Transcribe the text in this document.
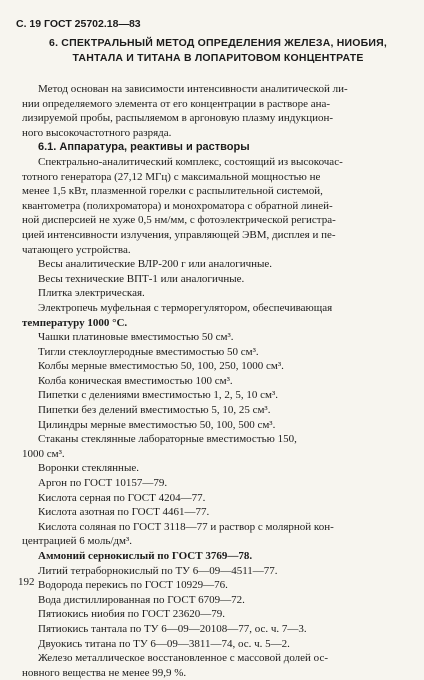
С. 19 ГОСТ 25702.18—83
6. СПЕКТРАЛЬНЫЙ МЕТОД ОПРЕДЕЛЕНИЯ ЖЕЛЕЗА, НИОБИЯ, ТАНТАЛА И ТИТАНА В ЛОПАРИТОВОМ КОНЦЕНТРАТЕ

Метод основан на зависимости интенсивности аналитической ли-

нии определяемого элемента от его концентрации в растворе ана-

лизируемой пробы, распыляемом в аргоновую плазму индукцион-

ного высокочастотного разряда.

6.1. Аппаратура, реактивы и растворы

Спектрально-аналитический комплекс, состоящий из высокочас-

тотного генератора (27,12 МГц) с максимальной мощностью не

менее 1,5 кВт, плазменной горелки с распылительной системой,

квантометра (полихроматора) и монохроматора с обратной линей-

ной дисперсией не хуже 0,5 нм/мм, с фотоэлектрической регистра-

цией интенсивности излучения, управляющей ЭВМ, дисплея и пе-

чатающего устройства.

Весы аналитические ВЛР-200 г или аналогичные.

Весы технические ВПТ-1 или аналогичные.

Плитка электрическая.

Электропечь муфельная с терморегулятором, обеспечивающая

температуру 1000 °С.

Чашки платиновые вместимостью 50 см³.

Тигли стеклоуглеродные вместимостью 50 см³.

Колбы мерные вместимостью 50, 100, 250, 1000 см³.

Колба коническая вместимостью 100 см³.

Пипетки с делениями вместимостью 1, 2, 5, 10 см³.

Пипетки без делений вместимостью 5, 10, 25 см³.

Цилиндры мерные вместимостью 50, 100, 500 см³.

Стаканы стеклянные лабораторные вместимостью 150,

1000 см³.

Воронки стеклянные.

Аргон по ГОСТ 10157—79.

Кислота серная по ГОСТ 4204—77.

Кислота азотная по ГОСТ 4461—77.

Кислота соляная по ГОСТ 3118—77 и раствор с молярной кон-

центрацией 6 моль/дм³.

Аммоний сернокислый по ГОСТ 3769—78.

Литий тетраборнокислый по ТУ 6—09—4511—77.

Водорода перекись по ГОСТ 10929—76.

Вода дистиллированная по ГОСТ 6709—72.

Пятиокись ниобия по ГОСТ 23620—79.

Пятиокись тантала по ТУ 6—09—20108—77, ос. ч. 7—3.

Двуокись титана по ТУ 6—09—3811—74, ос. ч. 5—2.

Железо металлическое восстановленное с массовой долей ос-

новного вещества не менее 99,9 %.

192
